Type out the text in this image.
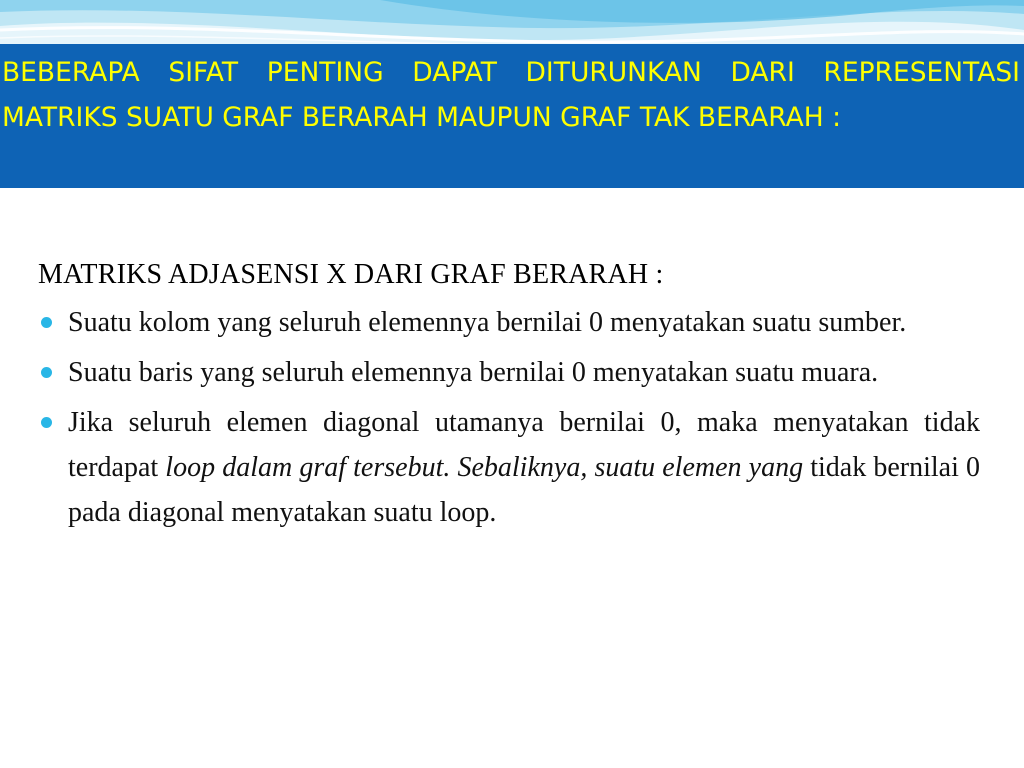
BEBERAPA SIFAT PENTING DAPAT DITURUNKAN DARI REPRESENTASI MATRIKS SUATU GRAF BERARAH MAUPUN GRAF TAK BERARAH :

MATRIKS ADJASENSI X DARI GRAF BERARAH :

Suatu kolom yang seluruh elemennya bernilai 0 menyatakan suatu sumber.
Suatu baris yang seluruh elemennya bernilai 0 menyatakan suatu muara.
Jika seluruh elemen diagonal utamanya bernilai 0, maka menyatakan tidak terdapat loop dalam graf tersebut. Sebaliknya, suatu elemen yang tidak bernilai 0 pada diagonal menyatakan suatu loop.
